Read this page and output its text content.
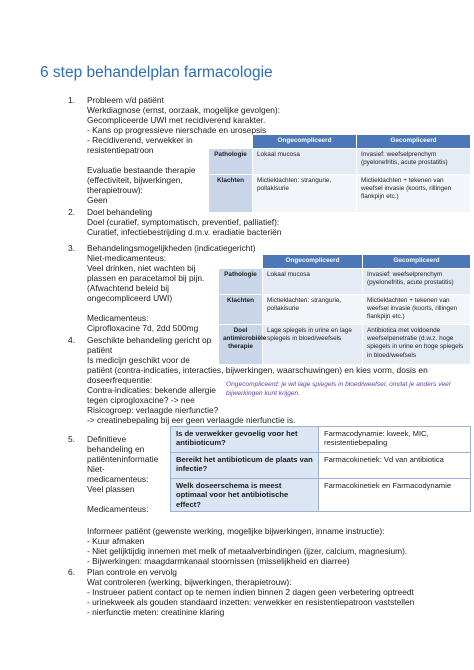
6 step behandelplan farmacologie
1. Probleem v/d patiënt
Werkdiagnose (ernst, oorzaak, mogelijke gevolgen):
Gecompliceerde UWI met recidiverend karakter.
- Kans op progressieve nierschade en urosepsis
- Recidiverend, verwekker in
resistentiepatroon
Evaluatie bestaande therapie
(effectiviteit, bijwerkingen,
therapietrouw):
Geen
	Ongecompliceerd	Gecompliceerd
Pathologie	Lokaal mucosa	Invasief: weefselprenchym (pyelonefritis, acute prostatitis)
Klachten	Mictieklachten: strangurie, pollakisurie	Mictieklachten + tekenen van weefsel invasie (koorts, rillingen flankpijn etc.)
2. Doel behandeling
Doel (curatief, symptomatisch, preventief, palliatief):
Curatief, infectiebestrijding d.m.v. eradiatie bacteriën
3. Behandelingsmogelijkheden (indicatiegericht)
Niet-medicamenteus:
Veel drinken, niet wachten bij
plassen en paracetamol bij pijn.
(Afwachtend beleid bij
ongecompliceerd UWI)
Medicamenteus:
Ciprofloxacine 7d, 2dd 500mg
	Ongecompliceerd	Gecompliceerd
Pathologie	Lokaal mucosa	Invasief: weefselprenchym (pyelonefritis, acute prostatitis)
Klachten	Mictieklachten: strangurie, pollakisurie	Mictieklachten + tekenen van weefsel invasie (koorts, rillingen flankpijn etc.)
Doel antimicrobiële therapie	Lage spiegels in urine en lage spiegels in bloed/weefsels	Antibiotica met voldoende weefselpenetratie (d.w.z. hoge spiegels in urine en hoge spiegels in bloed/weefsels
4. Geschikte behandeling gericht op
patiënt
Is medicijn geschikt voor de
patiënt (contra-indicaties, interacties, bijwerkingen, waarschuwingen) en kies vorm, dosis en
doseerfrequentie:
Contra-indicaties: bekende allergie
tegen ciprogloxacine? -> nee
Risicogroep: verlaagde nierfunctie?
-> creatinebepaling bij eer geen verlaagde nierfunctie is.
Ongecompliceerd: je wil lage spiegels in bloed/weefsel, omdat je anders veel
bijwerkingen kunt krijgen.
5. Definitieve
behandeling en
patiënteninformatie
Niet-
medicamenteus:
Veel plassen
Medicamenteus:
Informeer patiënt (gewenste werking, mogelijke bijwerkingen, inname instructie):
- Kuur afmaken
- Niet gelijktijdig innemen met melk of metaalverbindingen (ijzer, calcium, magnesium).
- Bijwerkingen: maagdarmkanaal stoornissen (misselijkheid en diarree)
Is de verwekker gevoelig voor het antibioticum?	Farmacodynamie: kweek, MIC, resistentiebepaling
Bereikt het antibioticum de plaats van infectie?	Farmacokinetiek: Vd van antibiotica
Welk doseerschema is meest optimaal voor het antibiotische effect?	Farmacokinetiek en Farmacodynamie
6. Plan controle en vervolg
Wat controleren (werking, bijwerkingen, therapietrouw):
- Instrueer patient contact op te nemen indien binnen 2 dagen geen verbetering optreedt
- urinekweek als gouden standaard inzetten: verwekker en resistentiepatroon vaststellen
- nierfunctie meten: creatinine klaring
